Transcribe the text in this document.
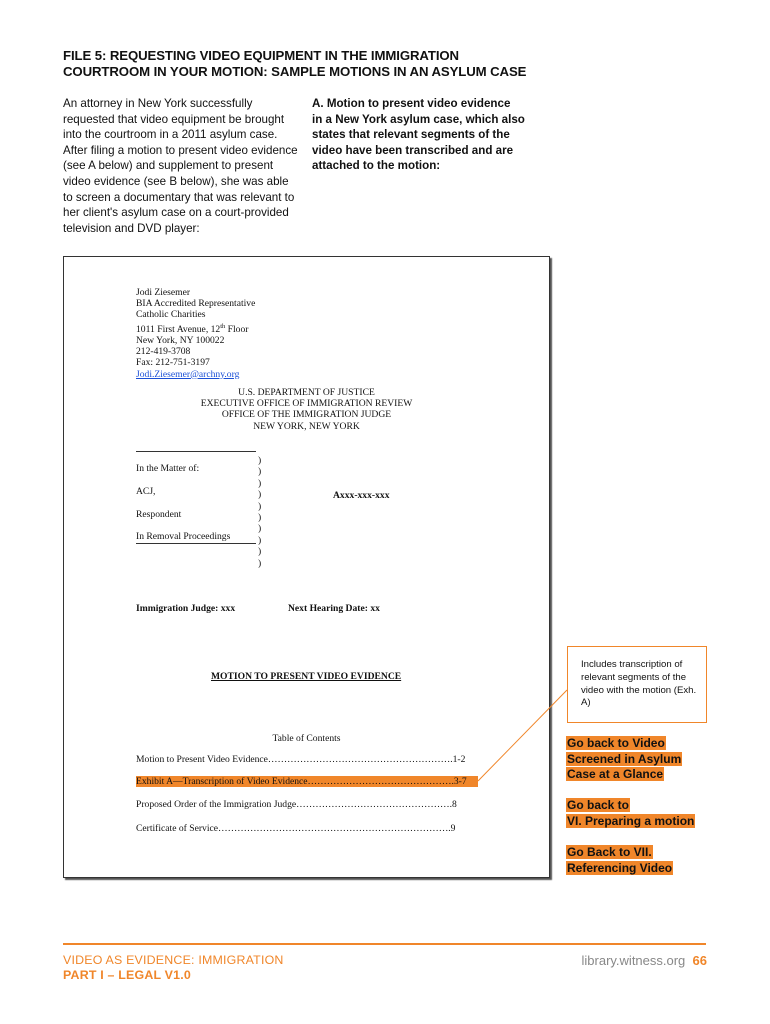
FILE 5: REQUESTING VIDEO EQUIPMENT IN THE IMMIGRATION
COURTROOM IN YOUR MOTION: SAMPLE MOTIONS IN AN ASYLUM CASE
An attorney in New York successfully
requested that video equipment be brought
into the courtroom in a 2011 asylum case.
After filing a motion to present video evidence
(see A below) and supplement to present
video evidence (see B below), she was able
to screen a documentary that was relevant to
her client's asylum case on a court-provided
television and DVD player:
A. Motion to present video evidence
in a New York asylum case, which also
states that relevant segments of the
video have been transcribed and are
attached to the motion:
Jodi Ziesemer
BIA Accredited Representative
Catholic Charities
1011 First Avenue, 12th Floor
New York, NY 100022
212-419-3708
Fax: 212-751-3197
Jodi.Ziesemer@archny.org
U.S. DEPARTMENT OF JUSTICE
EXECUTIVE OFFICE OF IMMIGRATION REVIEW
OFFICE OF THE IMMIGRATION JUDGE
NEW YORK, NEW YORK
In the Matter of:
ACJ,
Respondent
In Removal Proceedings
)
)
)
)
)
)
)
)
)
)
Axxx-xxx-xxx
Immigration Judge: xxx	Next Hearing Date: xx
MOTION TO PRESENT VIDEO EVIDENCE
Table of Contents
Motion to Present Video Evidence………………………………………………….1-2
Exhibit A—Transcription of Video Evidence……………………………………….3-7
Proposed Order of the Immigration Judge………………………………………….8
Certificate of Service……………………………………………………………….9
Includes transcription of relevant segments of the video with the motion (Exh. A)
Go back to Video
Screened in Asylum
Case at a Glance
Go back to
VI. Preparing a motion
Go Back to VII.
Referencing Video
VIDEO AS EVIDENCE: IMMIGRATION
PART I – LEGAL V1.0
library.witness.org 66
